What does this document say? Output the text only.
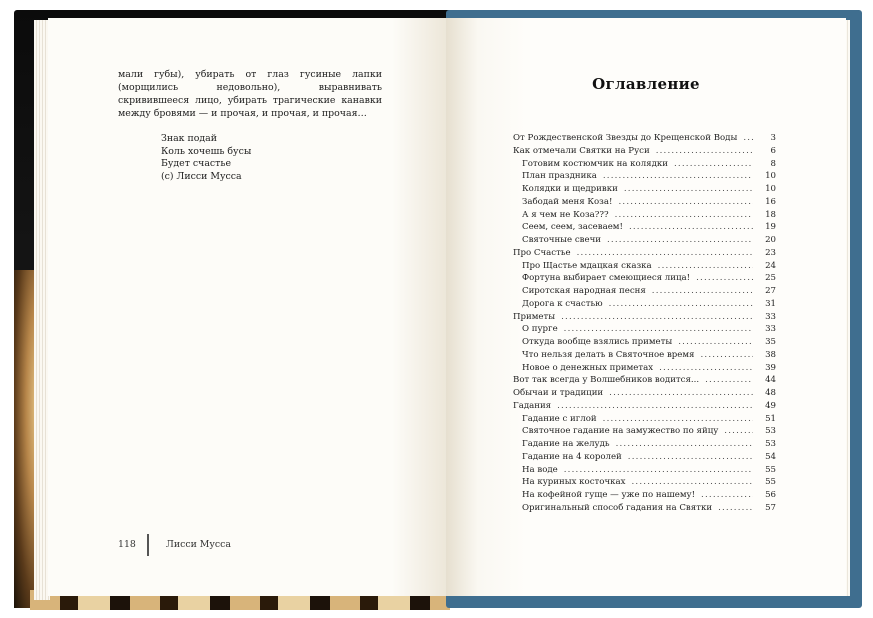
мали губы), убирать от глаз гусиные лапки (морщились недовольно), выравнивать скривившееся лицо, убирать трагические канавки между бровями — и прочая, и прочая, и прочая…

Знак подай
Коль хочешь бусы
Будет счастье
(с) Лисси Мусса
118	Лисси Мусса
Оглавление
От Рождественской Звезды до Крещенской Воды .....	3
Как отмечали Святки на Руси .....	6
Готовим костюмчик на колядки .....	8
План праздника .....	10
Колядки и щедривки .....	10
Забодай меня Коза! .....	16
А я чем не Коза??? .....	18
Сеем, сеем, засеваем! .....	19
Святочные свечи .....	20
Про Счастье .....	23
Про Щастье мдацкая сказка .....	24
Фортуна выбирает смеющиеся лица! .....	25
Сиротская народная песня .....	27
Дорога к счастью .....	31
Приметы .....	33
О пурге .....	33
Откуда вообще взялись приметы .....	35
Что нельзя делать в Святочное время .....	38
Новое о денежных приметах .....	39
Вот так всегда у Волшебников водится... .....	44
Обычаи и традиции .....	48
Гадания .....	49
Гадание с иглой .....	51
Святочное гадание на замужество по яйцу .....	53
Гадание на желудь .....	53
Гадание на 4 королей .....	54
На воде .....	55
На куриных косточках .....	55
На кофейной гуще — уже по нашему! .....	56
Оригинальный способ гадания на Святки .....	57
